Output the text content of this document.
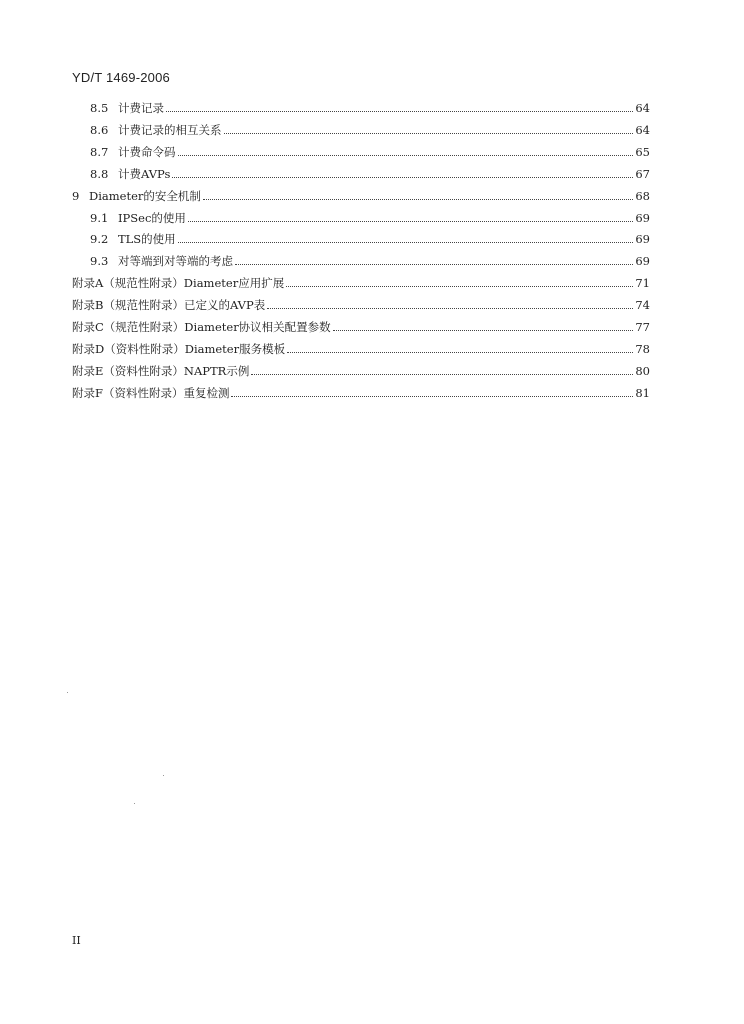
YD/T 1469-2006
8.5 计费记录	64
8.6 计费记录的相互关系	64
8.7 计费命令码	65
8.8 计费AVPs	67
9 Diameter的安全机制	68
9.1 IPSec的使用	69
9.2 TLS的使用	69
9.3 对等端到对等端的考虑	69
附录A（规范性附录）Diameter应用扩展	71
附录B（规范性附录）已定义的AVP表	74
附录C（规范性附录）Diameter协议相关配置参数	77
附录D（资料性附录）Diameter服务模板	78
附录E（资料性附录）NAPTR示例	80
附录F（资料性附录）重复检测	81
II
